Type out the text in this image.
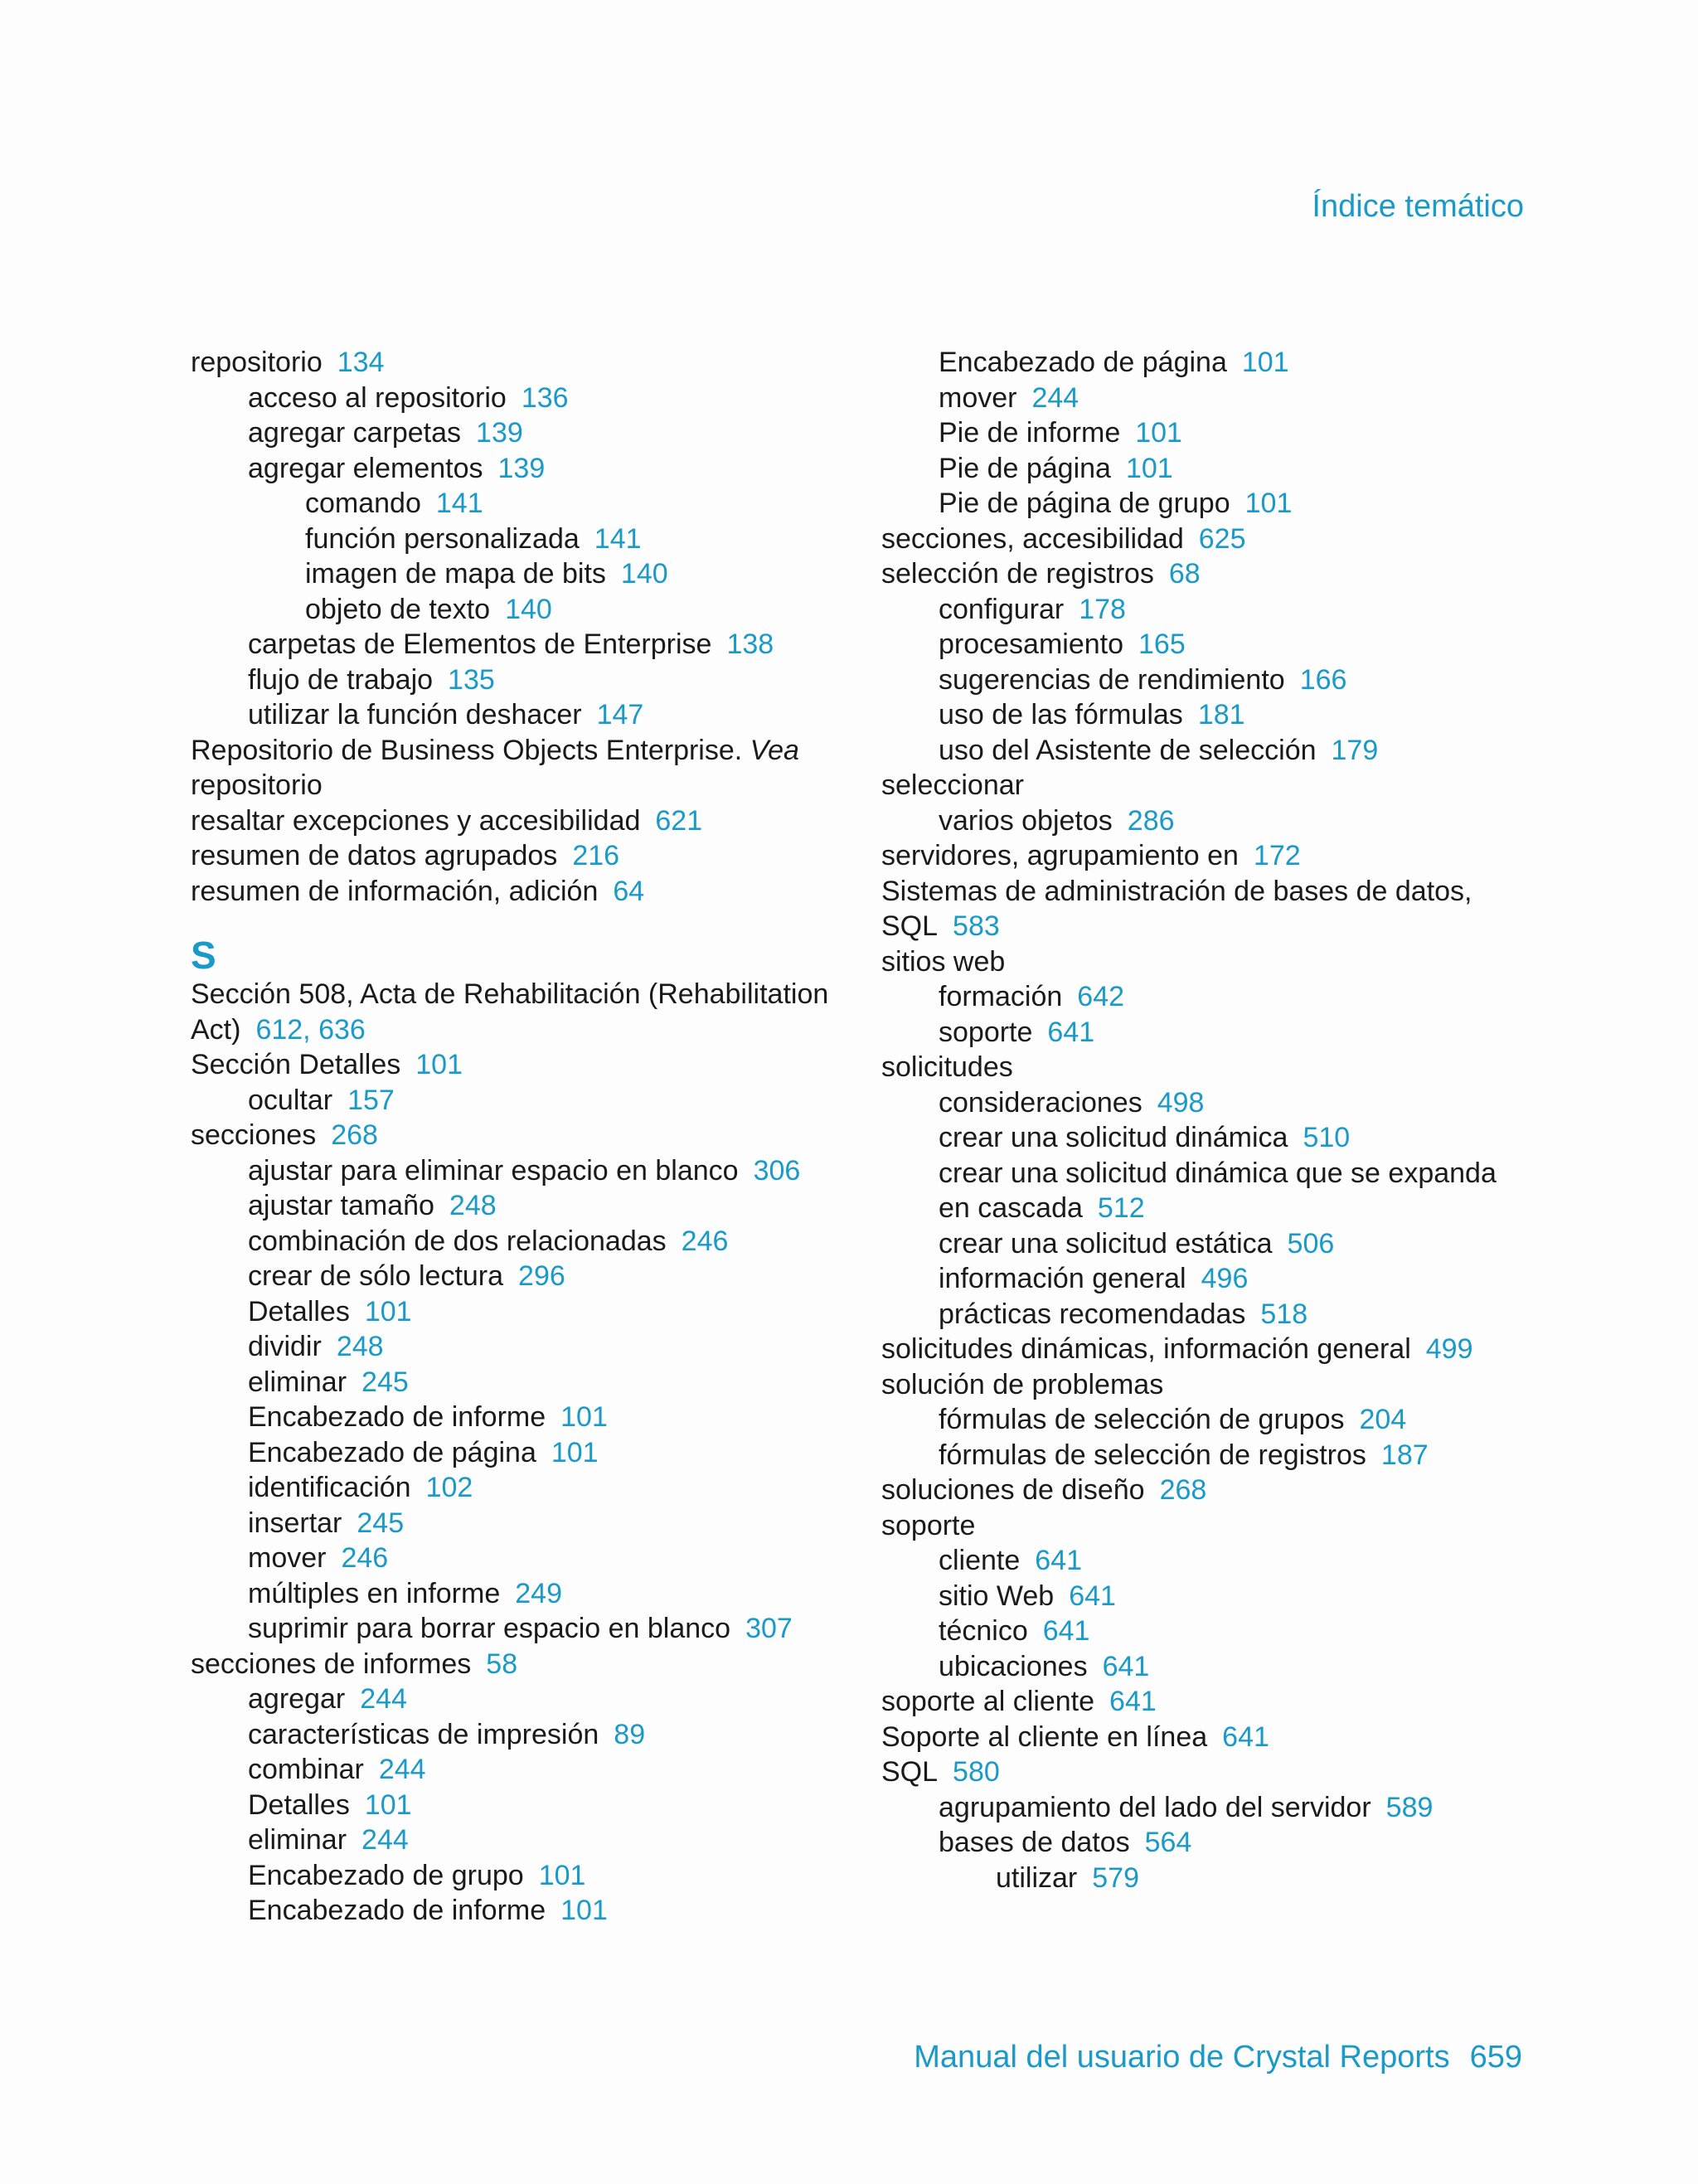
Índice temático
repositorio 134
acceso al repositorio 136
agregar carpetas 139
agregar elementos 139
comando 141
función personalizada 141
imagen de mapa de bits 140
objeto de texto 140
carpetas de Elementos de Enterprise 138
flujo de trabajo 135
utilizar la función deshacer 147
Repositorio de Business Objects Enterprise. Vea repositorio
resaltar excepciones y accesibilidad 621
resumen de datos agrupados 216
resumen de información, adición 64
S
Sección 508, Acta de Rehabilitación (Rehabilitation Act) 612, 636
Sección Detalles 101
ocultar 157
secciones 268
ajustar para eliminar espacio en blanco 306
ajustar tamaño 248
combinación de dos relacionadas 246
crear de sólo lectura 296
Detalles 101
dividir 248
eliminar 245
Encabezado de informe 101
Encabezado de página 101
identificación 102
insertar 245
mover 246
múltiples en informe 249
suprimir para borrar espacio en blanco 307
secciones de informes 58
agregar 244
características de impresión 89
combinar 244
Detalles 101
eliminar 244
Encabezado de grupo 101
Encabezado de informe 101
Encabezado de página 101
mover 244
Pie de informe 101
Pie de página 101
Pie de página de grupo 101
secciones, accesibilidad 625
selección de registros 68
configurar 178
procesamiento 165
sugerencias de rendimiento 166
uso de las fórmulas 181
uso del Asistente de selección 179
seleccionar
varios objetos 286
servidores, agrupamiento en 172
Sistemas de administración de bases de datos, SQL 583
sitios web
formación 642
soporte 641
solicitudes
consideraciones 498
crear una solicitud dinámica 510
crear una solicitud dinámica que se expanda en cascada 512
crear una solicitud estática 506
información general 496
prácticas recomendadas 518
solicitudes dinámicas, información general 499
solución de problemas
fórmulas de selección de grupos 204
fórmulas de selección de registros 187
soluciones de diseño 268
soporte
cliente 641
sitio Web 641
técnico 641
ubicaciones 641
soporte al cliente 641
Soporte al cliente en línea 641
SQL 580
agrupamiento del lado del servidor 589
bases de datos 564
utilizar 579
Manual del usuario de Crystal Reports 659
